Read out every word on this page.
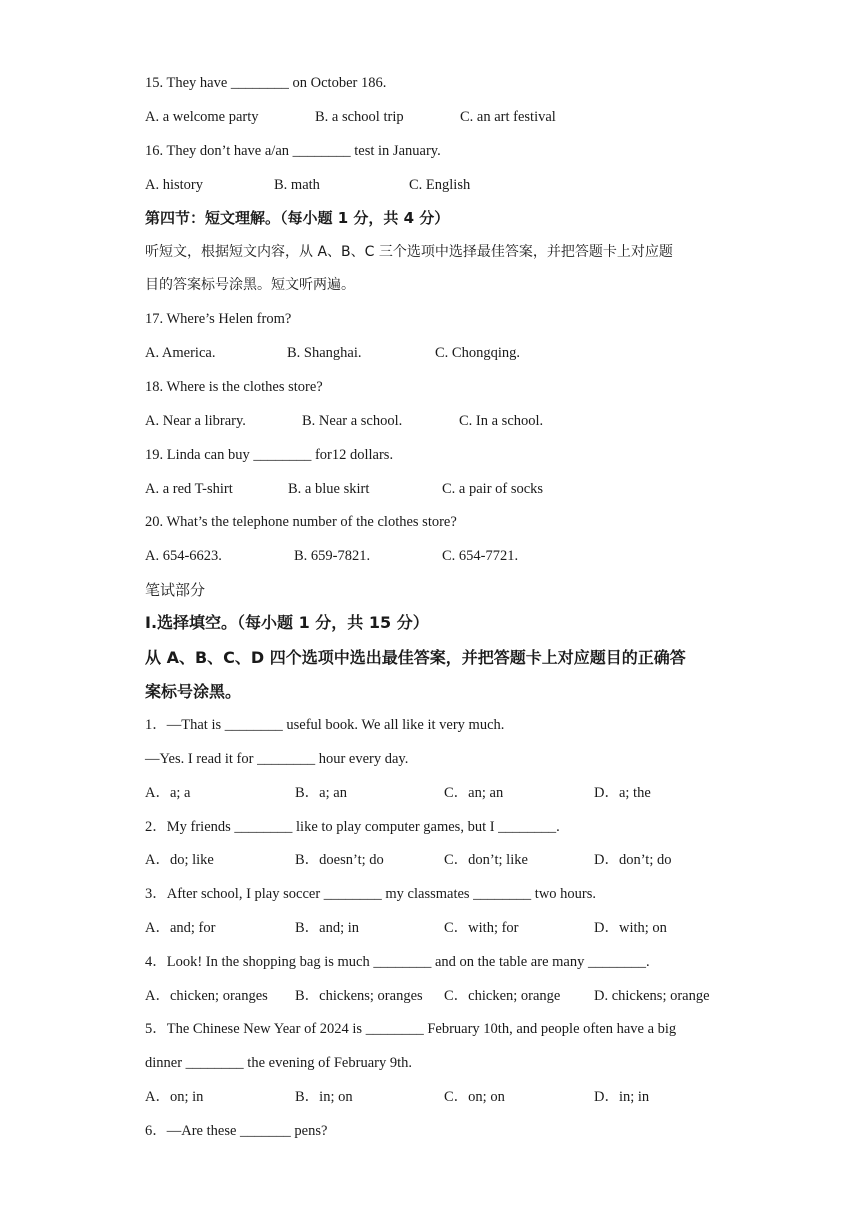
15. They have ________ on October 186.
A. a welcome party	B. a school trip	C. an art festival
16. They don’t have a/an ________ test in January.
A. history	B. math	C. English
第四节：短文理解。（每小题 1 分，共 4 分）
听短文，根据短文内容，从 A、B、C 三个选项中选择最佳答案，并把答题卡上对应题
目的答案标号涂黑。短文听两遍。
17. Where’s Helen from?
A. America.	B. Shanghai.	C. Chongqing.
18. Where is the clothes store?
A. Near a library.	B. Near a school.	C. In a school.
19. Linda can buy ________ for12 dollars.
A. a red T-shirt	B. a blue skirt	C. a pair of socks
20. What’s the telephone number of the clothes store?
A. 654-6623.	B. 659-7821.	C. 654-7721.
笔试部分
I.选择填空。（每小题 1 分，共 15 分）
从 A、B、C、D 四个选项中选出最佳答案，并把答题卡上对应题目的正确答
案标号涂黑。
1．—That is ________ useful book. We all like it very much.
—Yes. I read it for ________ hour every day.
A．a; a	B．a; an	C．an; an	D．a; the
2．My friends ________ like to play computer games, but I ________.
A．do; like	B．doesn’t; do	C．don’t; like	D．don’t; do
3．After school, I play soccer ________ my classmates ________ two hours.
A．and; for	B．and; in	C．with; for	D．with; on
4．Look! In the shopping bag is much ________ and on the table are many ________.
A．chicken; oranges B．chickens; oranges C．chicken; orange D. chickens; orange
5．The Chinese New Year of 2024 is ________ February 10th, and people often have a big
dinner ________ the evening of February 9th.
A．on; in	B．in; on	C．on; on	D．in; in
6．—Are these _______ pens?
